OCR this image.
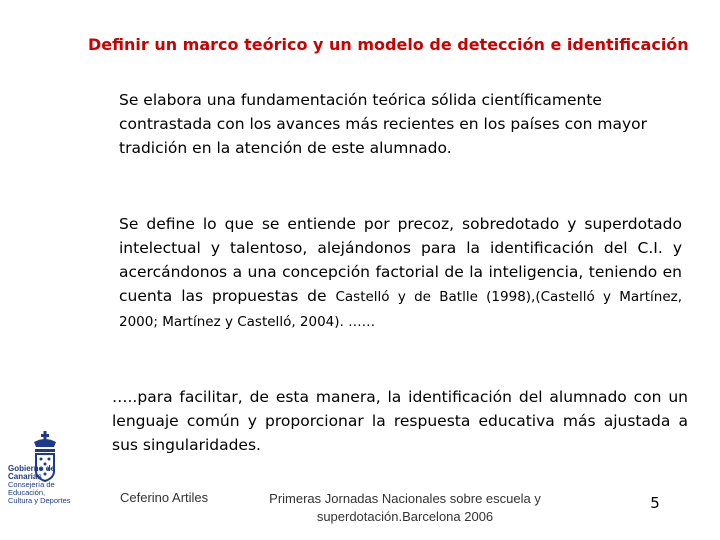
Definir un marco teórico y un modelo de detección e identificación
Se elabora una fundamentación teórica sólida científicamente contrastada con los avances más recientes en los países con mayor tradición en la atención de este alumnado.
Se define lo que se entiende por precoz, sobredotado y superdotado intelectual y talentoso, alejándonos para la identificación del C.I. y acercándonos a una concepción factorial de la inteligencia, teniendo en cuenta las propuestas de Castelló y de Batlle (1998),(Castelló y Martínez, 2000; Martínez y Castelló, 2004). ……
…..para facilitar, de esta manera, la identificación del alumnado con un lenguaje común y proporcionar la respuesta educativa más ajustada a sus singularidades.
Gobierno de Canarias
Consejería de Educación,
Cultura y Deportes	Ceferino Artiles	Primeras Jornadas Nacionales sobre escuela y
superdotación.Barcelona 2006
5
